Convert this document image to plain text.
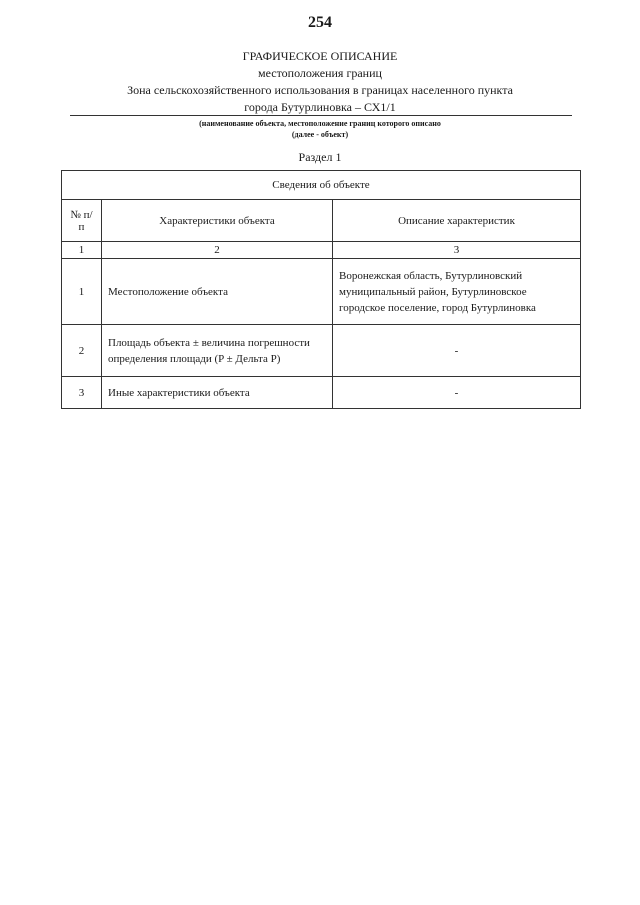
254
ГРАФИЧЕСКОЕ ОПИСАНИЕ
местоположения границ
Зона сельскохозяйственного использования в границах населенного пункта
города Бутурлиновка – СХ1/1
(наименование объекта, местоположение границ которого описано
(далее - объект)
Раздел 1
Сведения об объекте		
№ п/п	Характеристики объекта	Описание характеристик
1	2	3
1	Местоположение объекта	Воронежская область, Бутурлиновский муниципальный район, Бутурлиновское городское поселение, город Бутурлиновка
2	Площадь объекта ± величина погрешности определения площади (P ± Дельта P)	-
3	Иные характеристики объекта	-
